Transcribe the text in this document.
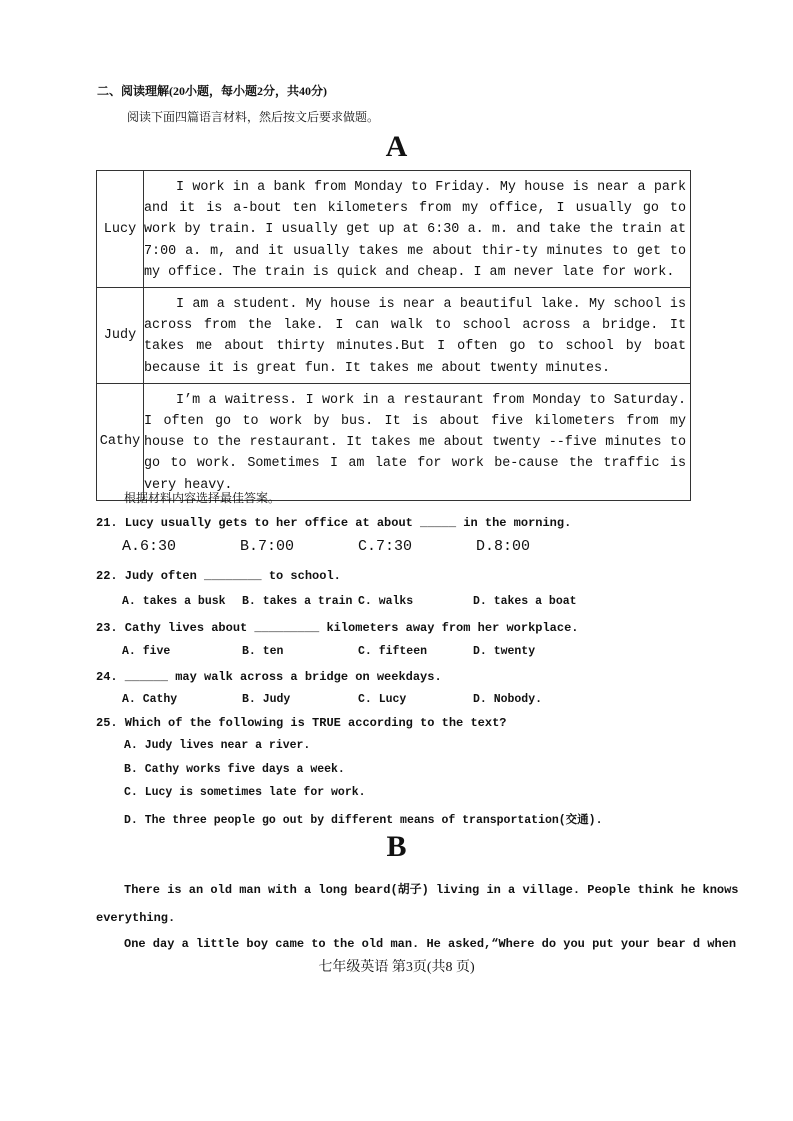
二、阅读理解(20小题，每小题2分，共40分)
阅读下面四篇语言材料，然后按文后要求做题。
A
Lucy	I work in a bank from Monday to Friday. My house is near a park and it is a-bout ten kilometers from my office, I usually go to work by train. I usually get up at 6:30 a. m. and take the train at 7:00 a. m, and it usually takes me about thir-ty minutes to get to my office. The train is quick and cheap. I am never late for work.
Judy	I am a student. My house is near a beautiful lake. My school is across from the lake. I can walk to school across a bridge. It takes me about thirty minutes.But I often go to school by boat because it is great fun. It takes me about twenty minutes.
Cathy	I’m a waitress. I work in a restaurant from Monday to Saturday. I often go to work by bus. It is about five kilometers from my house to the restaurant. It takes me about twenty --five minutes to go to work. Sometimes I am late for work be-cause the traffic is very heavy.
根据材料内容选择最佳答案。
21. Lucy usually gets to her office at about _____ in the morning.
A.6:30	B.7:00	C.7:30	D.8:00
22. Judy often ________ to school.
A. takes a busk B. takes a train C. walks	D. takes a boat
23. Cathy lives about _________ kilometers away from her workplace.
A. five	B. ten	C. fifteen	D. twenty
24. ______ may walk across a bridge on weekdays.
A. Cathy	B. Judy	C. Lucy	D. Nobody.
25. Which of the following is TRUE according to the text?
A. Judy lives near a river.
B. Cathy works five days a week.
C. Lucy is sometimes late for work.
D. The three people go out by different means of transportation(交通).
B
There is an old man with a long beard(胡子) living in a village. People think he knows
everything.
One day a little boy came to the old man. He asked,“Where do you put your bear d when
七年级英语 第3页(共8 页)
